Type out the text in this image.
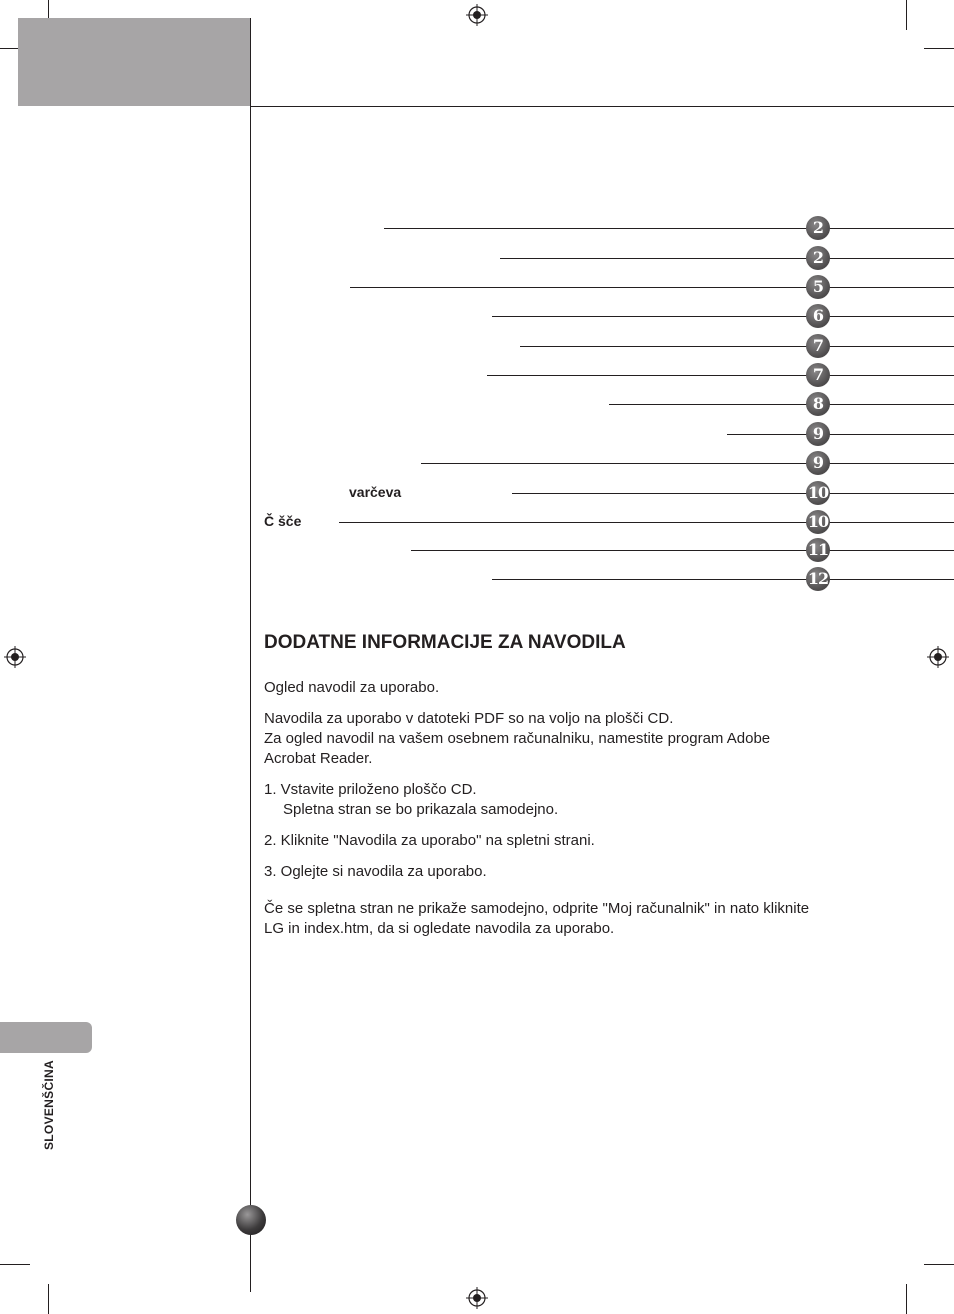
2
2
5
6
7
7
8
9
9
varčeva	10
Č šče	10
11
12
DODATNE INFORMACIJE ZA NAVODILA
Ogled navodil za uporabo.
Navodila za uporabo v datoteki PDF so na voljo na plošči CD.
Za ogled navodil na vašem osebnem računalniku, namestite program Adobe
Acrobat Reader.
1. Vstavite priloženo ploščo CD.
Spletna stran se bo prikazala samodejno.
2. Kliknite "Navodila za uporabo" na spletni strani.
3. Oglejte si navodila za uporabo.
Če se spletna stran ne prikaže samodejno, odprite "Moj računalnik" in nato kliknite
LG in index.htm, da si ogledate navodila za uporabo.
SLOVENŠČINA
